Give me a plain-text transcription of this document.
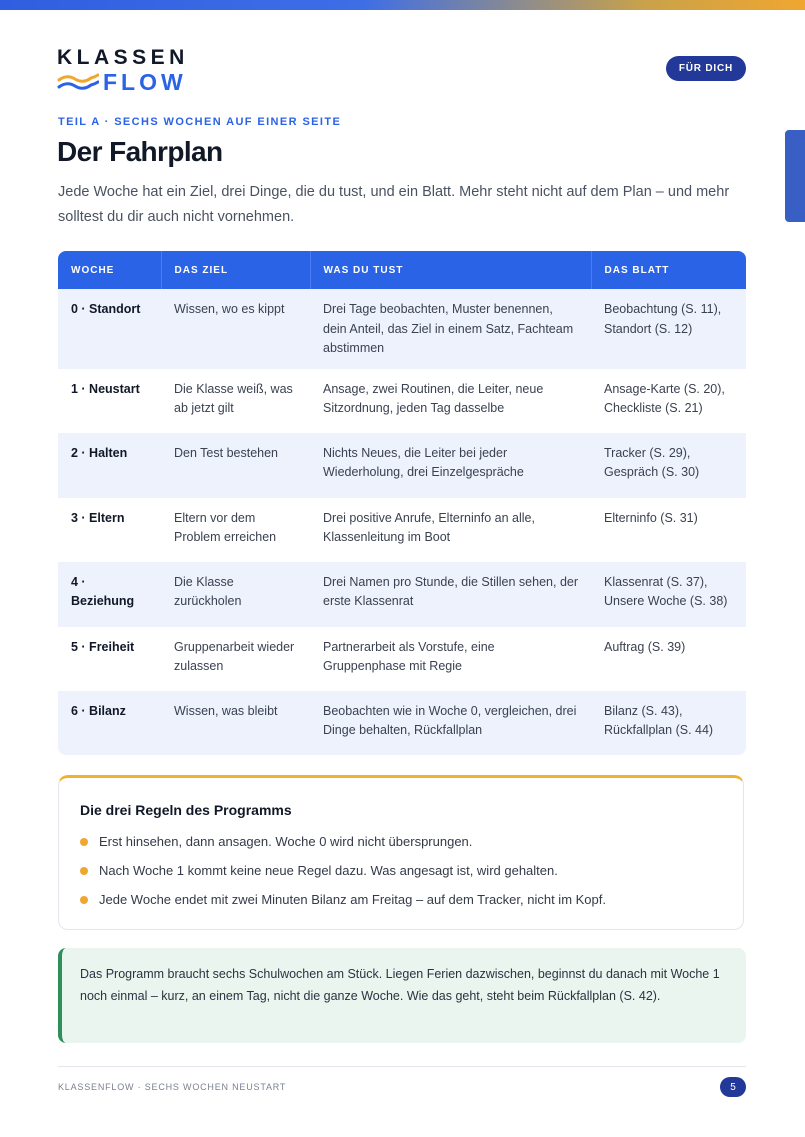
KLASSEN
FLOW
FÜR DICH
TEIL A · SECHS WOCHEN AUF EINER SEITE
Der Fahrplan
Jede Woche hat ein Ziel, drei Dinge, die du tust, und ein Blatt. Mehr steht nicht auf dem Plan – und mehr solltest du dir auch nicht vornehmen.
WOCHE	DAS ZIEL	WAS DU TUST	DAS BLATT
0 · Standort	Wissen, wo es kippt	Drei Tage beobachten, Muster benennen, dein Anteil, das Ziel in einem Satz, Fachteam abstimmen	Beobachtung (S. 11), Standort (S. 12)
1 · Neustart	Die Klasse weiß, was ab jetzt gilt	Ansage, zwei Routinen, die Leiter, neue Sitzordnung, jeden Tag dasselbe	Ansage-Karte (S. 20), Checkliste (S. 21)
2 · Halten	Den Test bestehen	Nichts Neues, die Leiter bei jeder Wiederholung, drei Einzelgespräche	Tracker (S. 29), Gespräch (S. 30)
3 · Eltern	Eltern vor dem Problem erreichen	Drei positive Anrufe, Elterninfo an alle, Klassenleitung im Boot	Elterninfo (S. 31)
4 · Beziehung	Die Klasse zurückholen	Drei Namen pro Stunde, die Stillen sehen, der erste Klassenrat	Klassenrat (S. 37), Unsere Woche (S. 38)
5 · Freiheit	Gruppenarbeit wieder zulassen	Partnerarbeit als Vorstufe, eine Gruppenphase mit Regie	Auftrag (S. 39)
6 · Bilanz	Wissen, was bleibt	Beobachten wie in Woche 0, vergleichen, drei Dinge behalten, Rückfallplan	Bilanz (S. 43), Rückfallplan (S. 44)
Die drei Regeln des Programms
Erst hinsehen, dann ansagen. Woche 0 wird nicht übersprungen.
Nach Woche 1 kommt keine neue Regel dazu. Was angesagt ist, wird gehalten.
Jede Woche endet mit zwei Minuten Bilanz am Freitag – auf dem Tracker, nicht im Kopf.
Das Programm braucht sechs Schulwochen am Stück. Liegen Ferien dazwischen, beginnst du danach mit Woche 1 noch einmal – kurz, an einem Tag, nicht die ganze Woche. Wie das geht, steht beim Rückfallplan (S. 42).
KLASSENFLOW · SECHS WOCHEN NEUSTART	5
